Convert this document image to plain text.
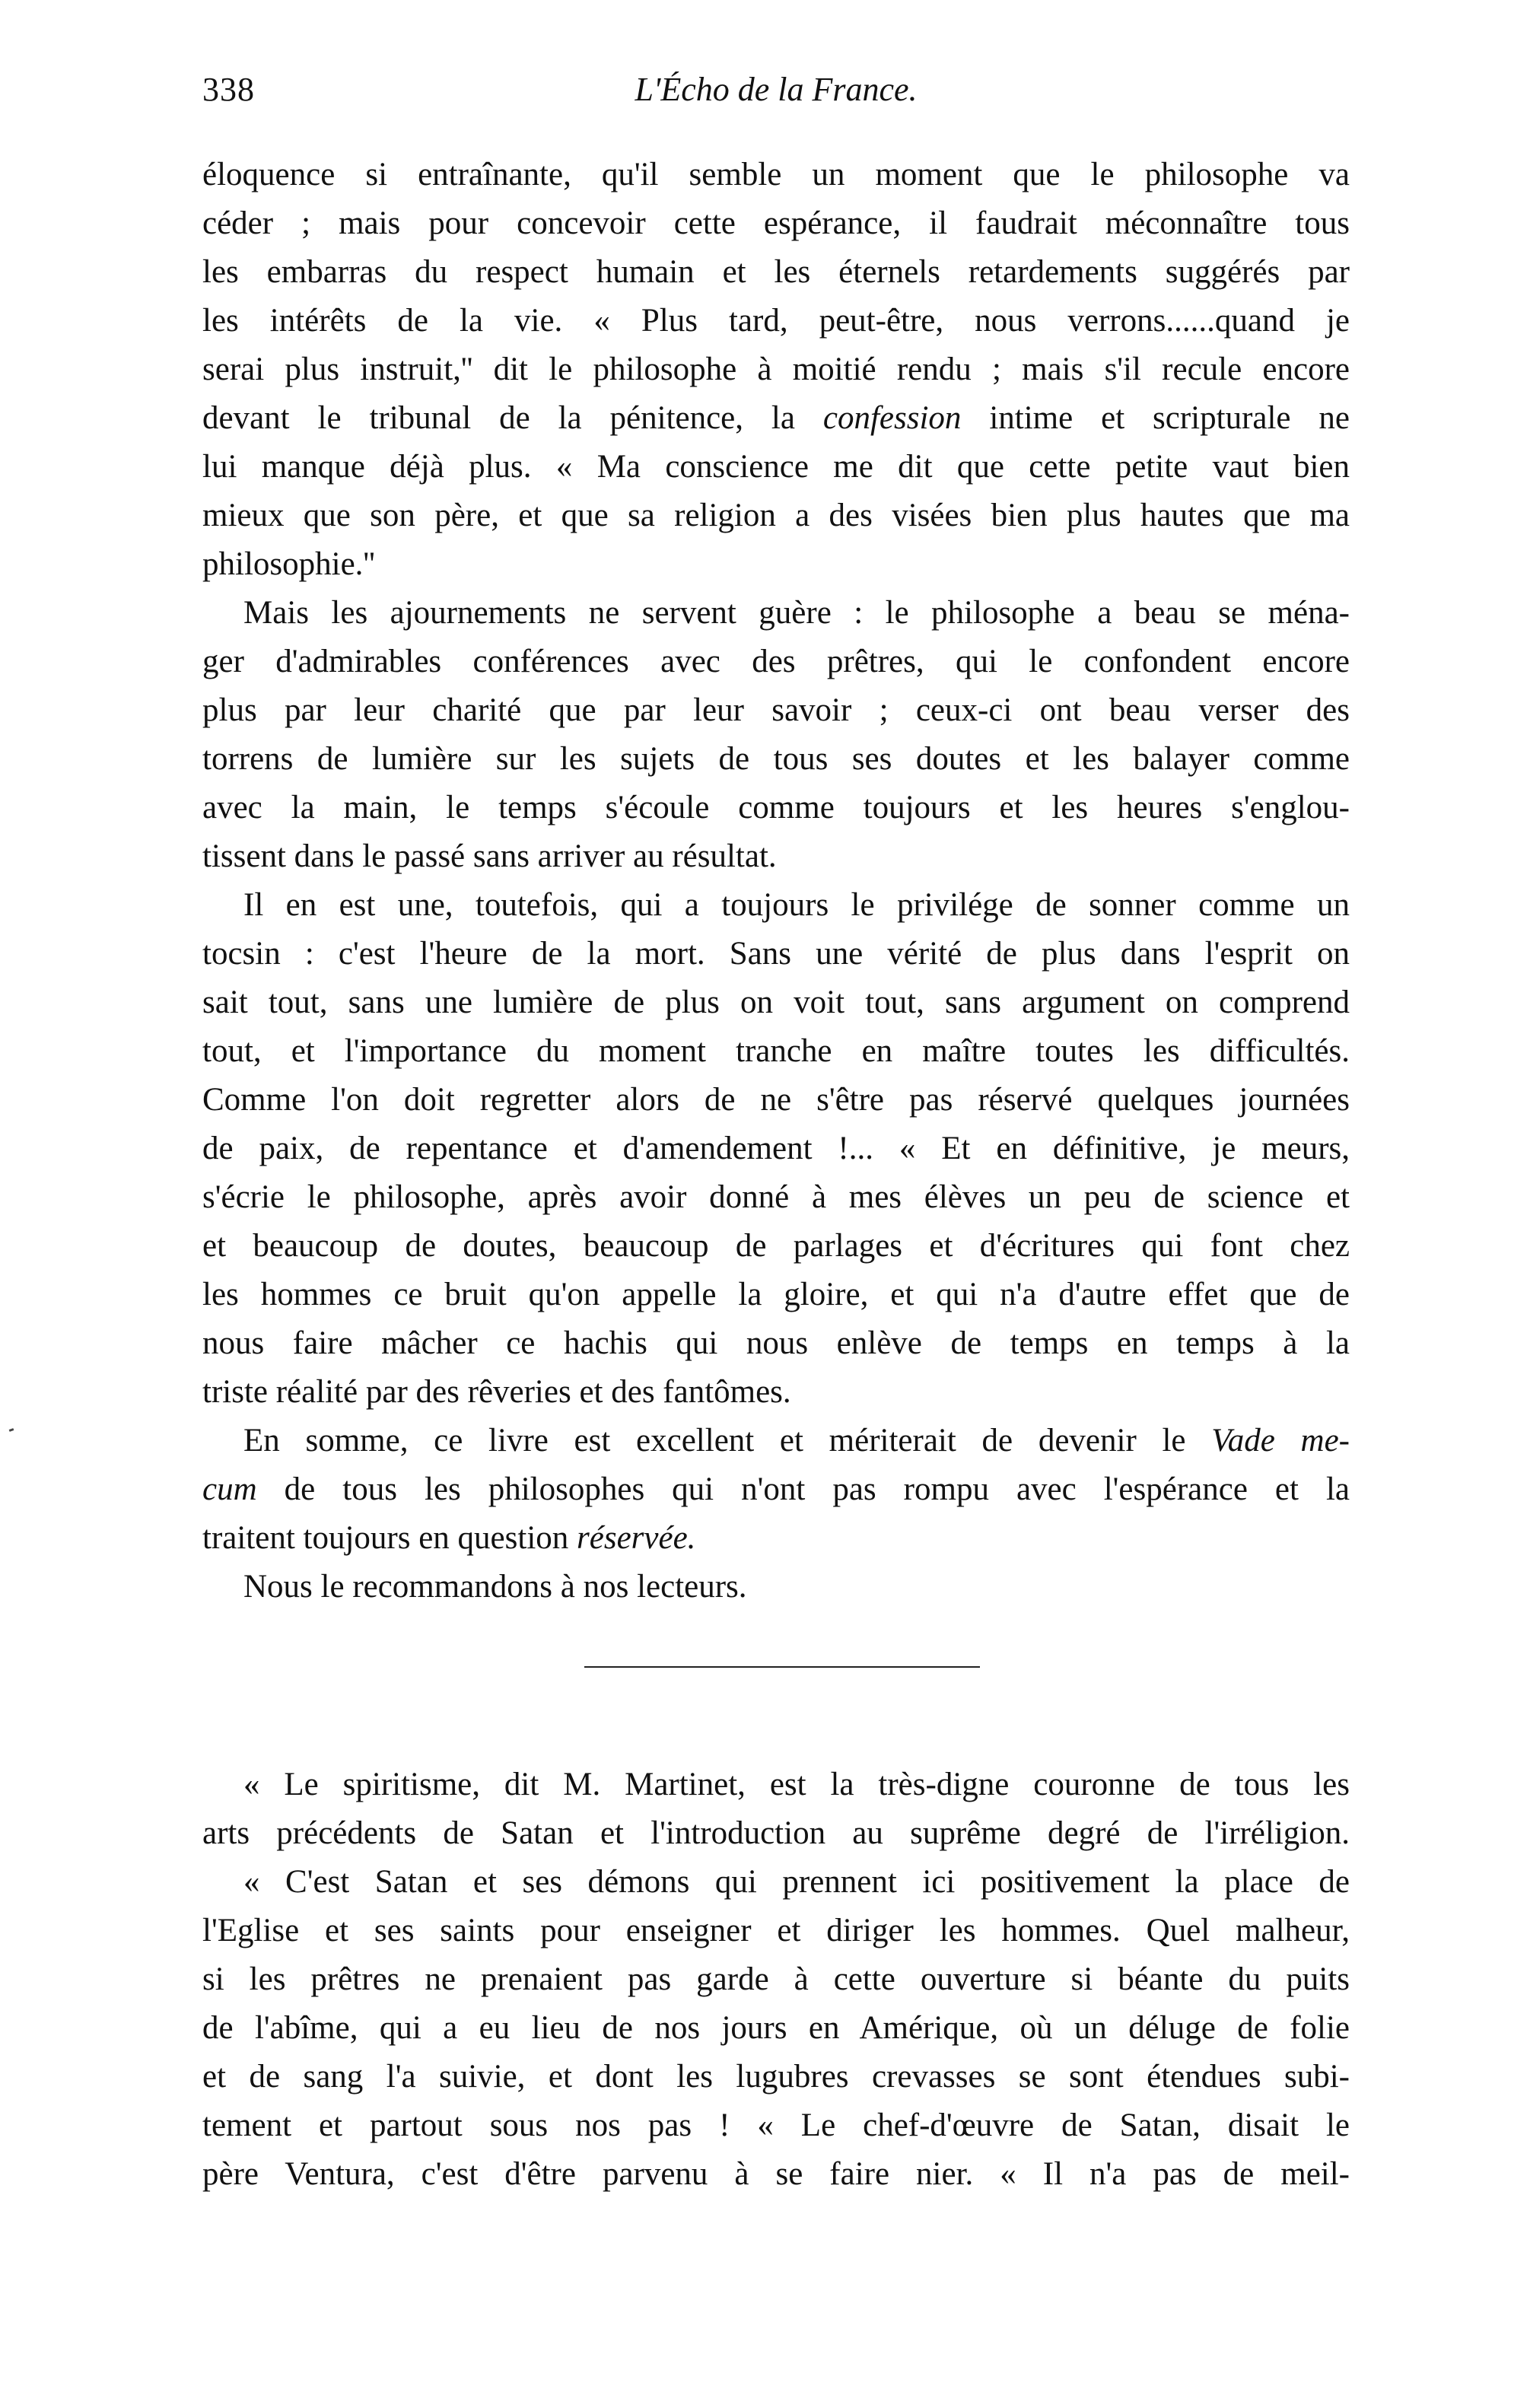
338	L'Écho de la France.
éloquence si entraînante, qu'il semble un moment que le philosophe va
céder ; mais pour concevoir cette espérance, il faudrait méconnaître tous
les embarras du respect humain et les éternels retardements suggérés par
les intérêts de la vie. « Plus tard, peut-être, nous verrons......quand je
serai plus instruit,'' dit le philosophe à moitié rendu ; mais s'il recule encore
devant le tribunal de la pénitence, la confession intime et scripturale ne
lui manque déjà plus. « Ma conscience me dit que cette petite vaut bien
mieux que son père, et que sa religion a des visées bien plus hautes que ma
philosophie.''
Mais les ajournements ne servent guère : le philosophe a beau se ména-
ger d'admirables conférences avec des prêtres, qui le confondent encore
plus par leur charité que par leur savoir ; ceux-ci ont beau verser des
torrens de lumière sur les sujets de tous ses doutes et les balayer comme
avec la main, le temps s'écoule comme toujours et les heures s'englou-
tissent dans le passé sans arriver au résultat.
Il en est une, toutefois, qui a toujours le privilége de sonner comme un
tocsin : c'est l'heure de la mort. Sans une vérité de plus dans l'esprit on
sait tout, sans une lumière de plus on voit tout, sans argument on comprend
tout, et l'importance du moment tranche en maître toutes les difficultés.
Comme l'on doit regretter alors de ne s'être pas réservé quelques journées
de paix, de repentance et d'amendement !... « Et en définitive, je meurs,
s'écrie le philosophe, après avoir donné à mes élèves un peu de science et
et beaucoup de doutes, beaucoup de parlages et d'écritures qui font chez
les hommes ce bruit qu'on appelle la gloire, et qui n'a d'autre effet que de
nous faire mâcher ce hachis qui nous enlève de temps en temps à la
triste réalité par des rêveries et des fantômes.
En somme, ce livre est excellent et mériterait de devenir le Vade me-
cum de tous les philosophes qui n'ont pas rompu avec l'espérance et la
traitent toujours en question réservée.
Nous le recommandons à nos lecteurs.
« Le spiritisme, dit M. Martinet, est la très-digne couronne de tous les
arts précédents de Satan et l'introduction au suprême degré de l'irréligion.
« C'est Satan et ses démons qui prennent ici positivement la place de
l'Eglise et ses saints pour enseigner et diriger les hommes. Quel malheur,
si les prêtres ne prenaient pas garde à cette ouverture si béante du puits
de l'abîme, qui a eu lieu de nos jours en Amérique, où un déluge de folie
et de sang l'a suivie, et dont les lugubres crevasses se sont étendues subi-
tement et partout sous nos pas ! « Le chef-d'œuvre de Satan, disait le
père Ventura, c'est d'être parvenu à se faire nier. « Il n'a pas de meil-
